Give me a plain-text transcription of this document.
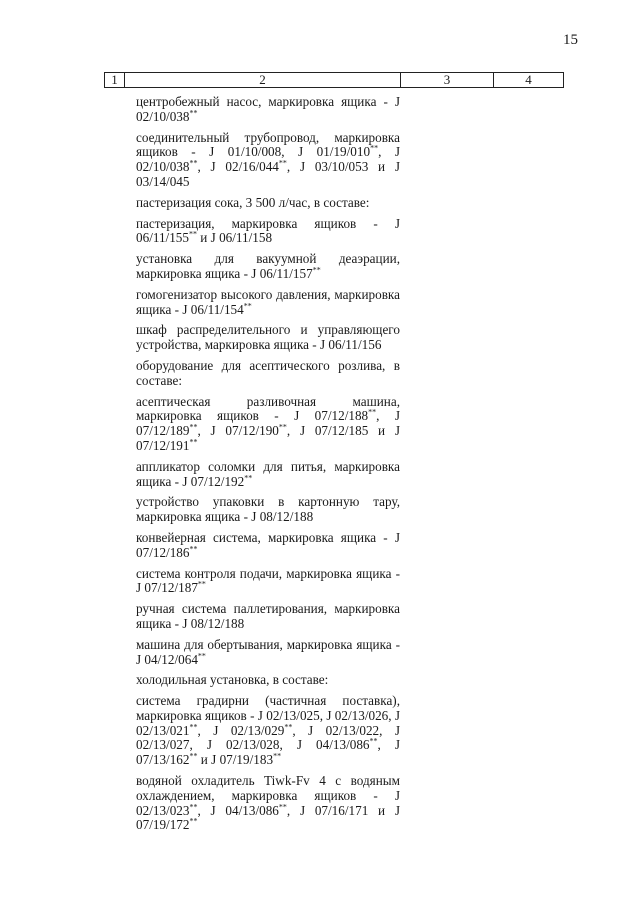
15
1	2	3	4

центробежный насос, маркировка ящика - J 02/10/038**

соединительный трубопровод, маркировка ящиков - J 01/10/008, J 01/19/010**, J 02/10/038**, J 02/16/044**, J 03/10/053 и J 03/14/045

пастеризация сока, 3 500 л/час, в составе:

пастеризация, маркировка ящиков - J 06/11/155** и J 06/11/158

установка для вакуумной деаэрации, маркировка ящика - J 06/11/157**

гомогенизатор высокого давления, маркировка ящика - J 06/11/154**

шкаф распределительного и управляющего устройства, маркировка ящика - J 06/11/156

оборудование для асептического розлива, в составе:

асептическая разливочная машина, маркировка ящиков - J 07/12/188**, J 07/12/189**, J 07/12/190**, J 07/12/185 и J 07/12/191**

аппликатор соломки для питья, маркировка ящика - J 07/12/192**

устройство упаковки в картонную тару, маркировка ящика - J 08/12/188

конвейерная система, маркировка ящика - J 07/12/186**

система контроля подачи, маркировка ящика - J 07/12/187**

ручная система паллетирования, маркировка ящика - J 08/12/188

машина для обертывания, маркировка ящика - J 04/12/064**

холодильная установка, в составе:

система градирни (частичная поставка), маркировка ящиков - J 02/13/025, J 02/13/026, J 02/13/021**, J 02/13/029**, J 02/13/022, J 02/13/027, J 02/13/028, J 04/13/086**, J 07/13/162** и J 07/19/183**

водяной охладитель Tiwk-Fv 4 с водяным охлаждением, маркировка ящиков - J 02/13/023**, J 04/13/086**, J 07/16/171 и J 07/19/172**
